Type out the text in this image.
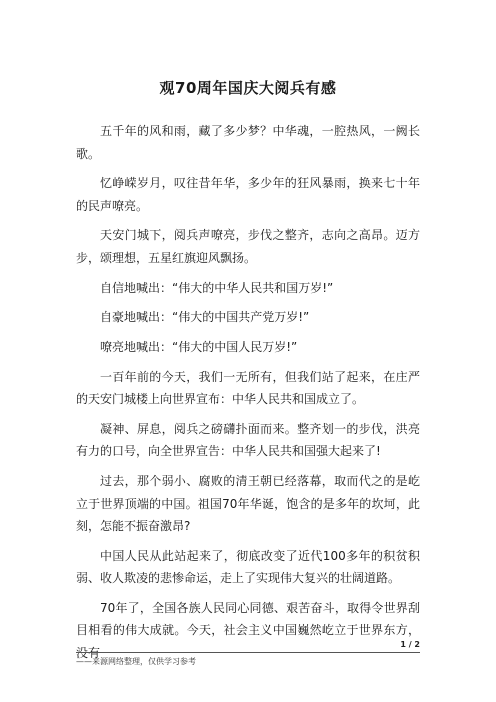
观70周年国庆大阅兵有感

五千年的风和雨，藏了多少梦？中华魂，一腔热风，一阙长歌。

忆峥嵘岁月，叹往昔年华，多少年的狂风暴雨，换来七十年的民声嘹亮。

天安门城下，阅兵声嘹亮，步伐之整齐，志向之高昂。迈方步，颂理想，五星红旗迎风飘扬。

自信地喊出：“伟大的中华人民共和国万岁!”

自豪地喊出：“伟大的中国共产党万岁!”

嘹亮地喊出：“伟大的中国人民万岁!”

一百年前的今天，我们一无所有，但我们站了起来，在庄严的天安门城楼上向世界宣布：中华人民共和国成立了。

凝神、屏息，阅兵之磅礴扑面而来。整齐划一的步伐，洪亮有力的口号，向全世界宣告：中华人民共和国强大起来了!

过去，那个弱小、腐败的清王朝已经落幕，取而代之的是屹立于世界顶端的中国。祖国70年华诞，饱含的是多年的坎坷，此刻，怎能不振奋激昂?

中国人民从此站起来了，彻底改变了近代100多年的积贫积弱、收人欺凌的悲惨命运，走上了实现伟大复兴的壮阔道路。

70年了，全国各族人民同心同德、艰苦奋斗，取得令世界刮目相看的伟大成就。今天，社会主义中国巍然屹立于世界东方，没有

1 / 2
——来源网络整理，仅供学习参考
